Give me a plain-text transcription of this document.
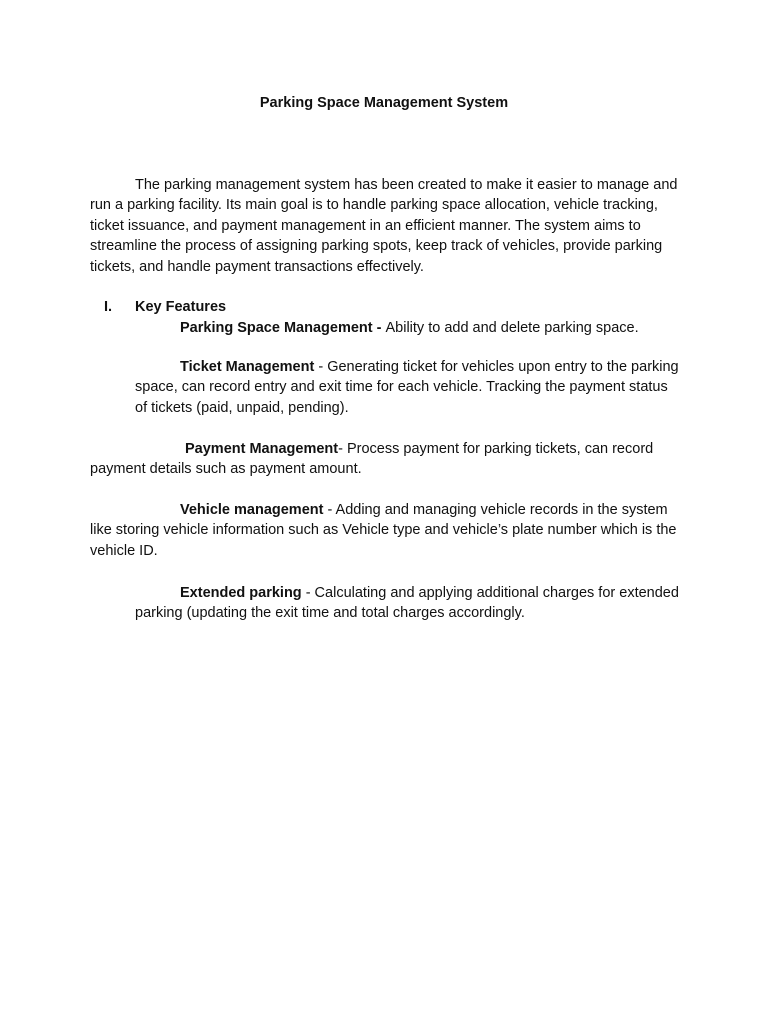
Parking Space Management System

The parking management system has been created to make it easier to manage and run a parking facility. Its main goal is to handle parking space allocation, vehicle tracking, ticket issuance, and payment management in an efficient manner. The system aims to streamline the process of assigning parking spots, keep track of vehicles, provide parking tickets, and handle payment transactions effectively.

I. Key Features

Parking Space Management - Ability to add and delete parking space.

Ticket Management - Generating ticket for vehicles upon entry to the parking space, can record entry and exit time for each vehicle. Tracking the payment status of tickets (paid, unpaid, pending).

Payment Management- Process payment for parking tickets, can record payment details such as payment amount.

Vehicle management - Adding and managing vehicle records in the system like storing vehicle information such as Vehicle type and vehicle’s plate number which is the vehicle ID.

Extended parking - Calculating and applying additional charges for extended parking (updating the exit time and total charges accordingly.
